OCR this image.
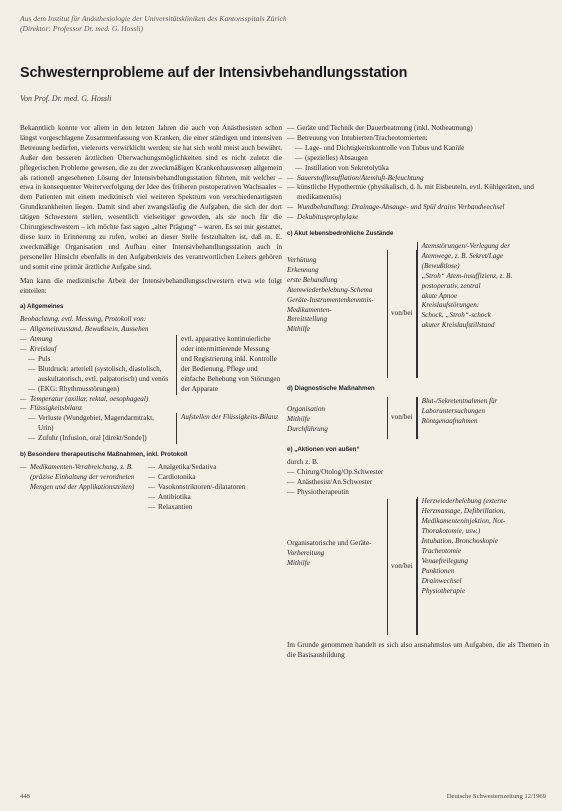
Aus dem Institut für Anästhesiologie der Universitätskliniken des Kantonsspitals Zürich
(Direktor: Professor Dr. med. G. Hossli)
Schwesternprobleme auf der Intensivbehandlungsstation
Von Prof. Dr. med. G. Hossli

Bekanntlich konnte vor allem in den letzten Jahren die auch von Anästhesisten schon längst vorgeschlagene Zusammenfassung von Kranken, die einer ständigen und intensiven Betreuung bedürfen, vielerorts verwirklicht werden; sie hat sich wohl meist auch bewährt. Außer den besseren ärztlichen Überwachungsmöglichkeiten sind es nicht zuletzt die pflegerischen Probleme gewesen, die zu der zweckmäßigen Krankenhauswesen allgemein als rationell angesehenen Lösung der Intensivbehandlungsstation führten, mit welcher – etwa in konsequenter Weiterverfolgung der Idee des früheren postoperativen Wachsaales – dem Patienten mit einem medizinisch viel weiteren Spektrum von verschiedenartigsten Grundkrankheiten liegen. Damit sind aber zwangsläufig die Aufgaben, die sich der dort tätigen Schwestern stellen, wesentlich vielseitiger geworden, als sie noch für die Chirurgieschwestern – ich möchte fast sagen „alter Prägung“ – waren. Es sei mir gestattet, diese kurz in Erinnerung zu rufen, wobei an dieser Stelle festzuhalten ist, daß m. E. zweckmäßige Organisation und Aufbau einer Intensivbehandlungsstation auch in personeller Hinsicht ebenfalls in den Aufgabenkreis des verantwortlichen Leiters gehören und somit eine primär ärztliche Aufgabe sind.

Man kann die medizinische Arbeit der Intensivbehandlungsschwestern etwa wie folgt einteilen:

a) Allgemeines
Beobachtung, evtl. Messung, Protokoll von:
— Allgemeinzustand, Bewußtsein, Aussehen
— Atmung
— Kreislauf
— Puls
— Blutdruck: arteriell (systolisch, diastolisch, auskultatorisch, evtl. palpatorisch) und venös
— (EKG: Rhythmusstörungen)
evtl. apparative kontinuierliche oder intermittierende Messung und Registrierung inkl. Kontrolle der Bedienung, Pflege und einfache Behebung von Störungen der Apparate
— Temperatur (axillar, rektal, oesophageal)
— Flüssigkeitsbilanz
— Verluste (Wundgebiet, Magendarmtrakt, Urin)
— Zufuhr (Infusion, oral [direkt/Sonde])
Aufstellen der Flüssigkeits-Bilanz
b) Besondere therapeutische Maßnahmen, inkl. Protokoll
— Medikamenten-Verabreichung, z. B. (präzise Einhaltung der verordneten Mengen und der Applikationszeiten)
— Analgetika/Sedativa
— Cardiotonika
— Vasokonstriktoren/-dilatatoren
— Antibiotika
— Relaxantien
— Geräte und Technik der Dauerbeatmung (inkl. Notbeatmung)
— Betreuung von Intubierten/Tracheotomierten:
— Lage- und Dichtigkeitskontrolle von Tubus und Kanüle
— (spezielles) Absaugen
— Instillation von Sekretolytika
— Sauerstoffinsufflation/Atemluft-Befeuchtung
— künstliche Hypothermie (physikalisch, d. h. mit Eisbeuteln, evtl. Kühlgeräten, und medikamentös)
— Wundbehandlung: Drainage-Absauge- und Spül drains Verbandwechsel
— Dekubitusprophylaxe
c) Akut lebensbedrohliche Zustände
Verhütung
Erkennung
erste Behandlung
Atemwiederbelebung-Schema
Geräte-Instrumentenkenntnis-Medikamenten-
Bereitstellung
Mithilfe
von/bei
Atemstörungen/-Verlegung der Atemwege, z. B. Sekret/Lage (Bewußtlose)
„Stroh“ Atem-insuffizienz, z. B. postoperativ, zentral
akute Apnoe
Kreislaufstörungen:
Schock, „Stroh“-schock
akuter Kreislaufstillstand
d) Diagnostische Maßnahmen
Organisation
Mithilfe
Durchführung
von/bei
Blut-/Sekretentnahmen für Laboruntersuchungen
Röntgenaufnahmen
e) „Aktionen von außen“
durch z. B.
— Chirurg/Otolog/Op.Schwester
— Anästhesist/An.Schwester
— Physiotherapeutin
Organisatorische und Geräte-
Vorbereitung
Mithilfe	von/bei
Herzwiederbelebung (externe Herzmassage, Defibrillation, Medikamenteninjektion, Not-Thorakotomie, usw.)
Intubation, Bronchoskopie
Tracheotomie
Venaefreilegung
Punktionen
Drainwechsel
Physiotherapie

Im Grunde genommen handelt es sich also ausnahmslos um Aufgaben, die als Themen in die Basisausbildung

448	Deutsche Schwesternzeitung 12/1969
